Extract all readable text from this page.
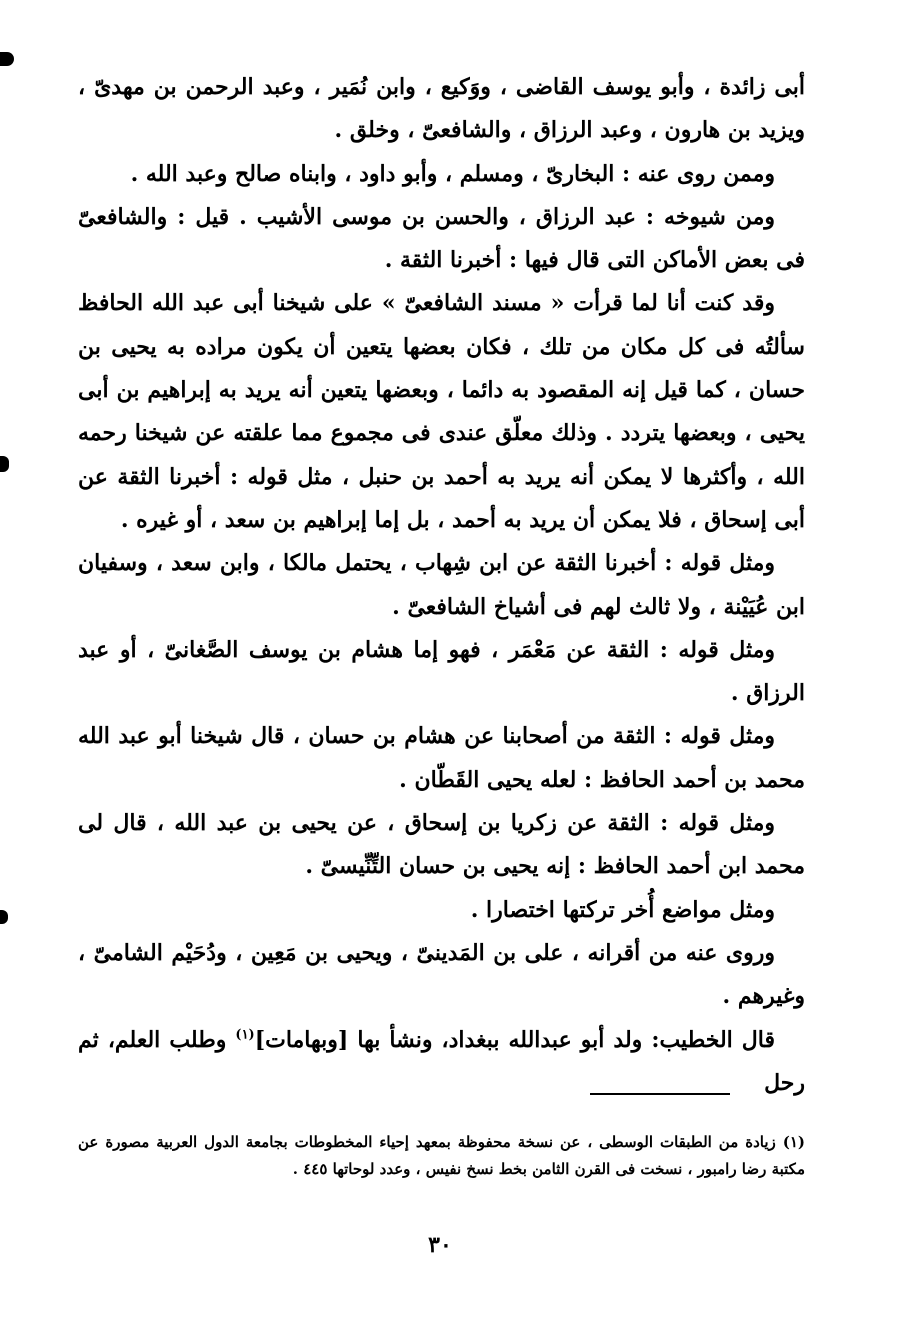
أبى زائدة ، وأبو يوسف القاضى ، ووَكيع ، وابن نُمَير ، وعبد الرحمن بن مهدىّ ، ويزيد بن هارون ، وعبد الرزاق ، والشافعىّ ، وخلق .

وممن روى عنه : البخارىّ ، ومسلم ، وأبو داود ، وابناه صالح وعبد الله .

ومن شيوخه : عبد الرزاق ، والحسن بن موسى الأشيب . قيل : والشافعىّ فى بعض الأماكن التى قال فيها : أخبرنا الثقة .

وقد كنت أنا لما قرأت « مسند الشافعىّ » على شيخنا أبى عبد الله الحافظ سألتُه فى كل مكان من تلك ، فكان بعضها يتعين أن يكون مراده به يحيى بن حسان ، كما قيل إنه المقصود به دائما ، وبعضها يتعين أنه يريد به إبراهيم بن أبى يحيى ، وبعضها يتردد . وذلك معلّق عندى فى مجموع مما علقته عن شيخنا رحمه الله ، وأكثرها لا يمكن أنه يريد به أحمد بن حنبل ، مثل قوله : أخبرنا الثقة عن أبى إسحاق ، فلا يمكن أن يريد به أحمد ، بل إما إبراهيم بن سعد ، أو غيره .

ومثل قوله : أخبرنا الثقة عن ابن شِهاب ، يحتمل مالكا ، وابن سعد ، وسفيان ابن عُيَيْنة ، ولا ثالث لهم فى أشياخ الشافعىّ .

ومثل قوله : الثقة عن مَعْمَر ، فهو إما هشام بن يوسف الصَّغانىّ ، أو عبد الرزاق .

ومثل قوله : الثقة من أصحابنا عن هشام بن حسان ، قال شيخنا أبو عبد الله محمد بن أحمد الحافظ : لعله يحيى القَطّان .

ومثل قوله : الثقة عن زكريا بن إسحاق ، عن يحيى بن عبد الله ، قال لى محمد ابن أحمد الحافظ : إنه يحيى بن حسان التِّنِّيسىّ .

ومثل مواضع أُخر تركتها اختصارا .

وروى عنه من أقرانه ، على بن المَدينىّ ، ويحيى بن مَعِين ، ودُحَيْم الشامىّ ، وغيرهم .

قال الخطيب: ولد أبو عبدالله ببغداد، ونشأ بها [وبهامات]$^{(١)}$ وطلب العلم، ثم رحل

(١) زيادة من الطبقات الوسطى ، عن نسخة محفوظة بمعهد إحياء المخطوطات بجامعة الدول العربية مصورة عن مكتبة رضا رامبور ، نسخت فى القرن الثامن بخط نسخ نفيس ، وعدد لوحاتها ٤٤٥ .

٣٠
